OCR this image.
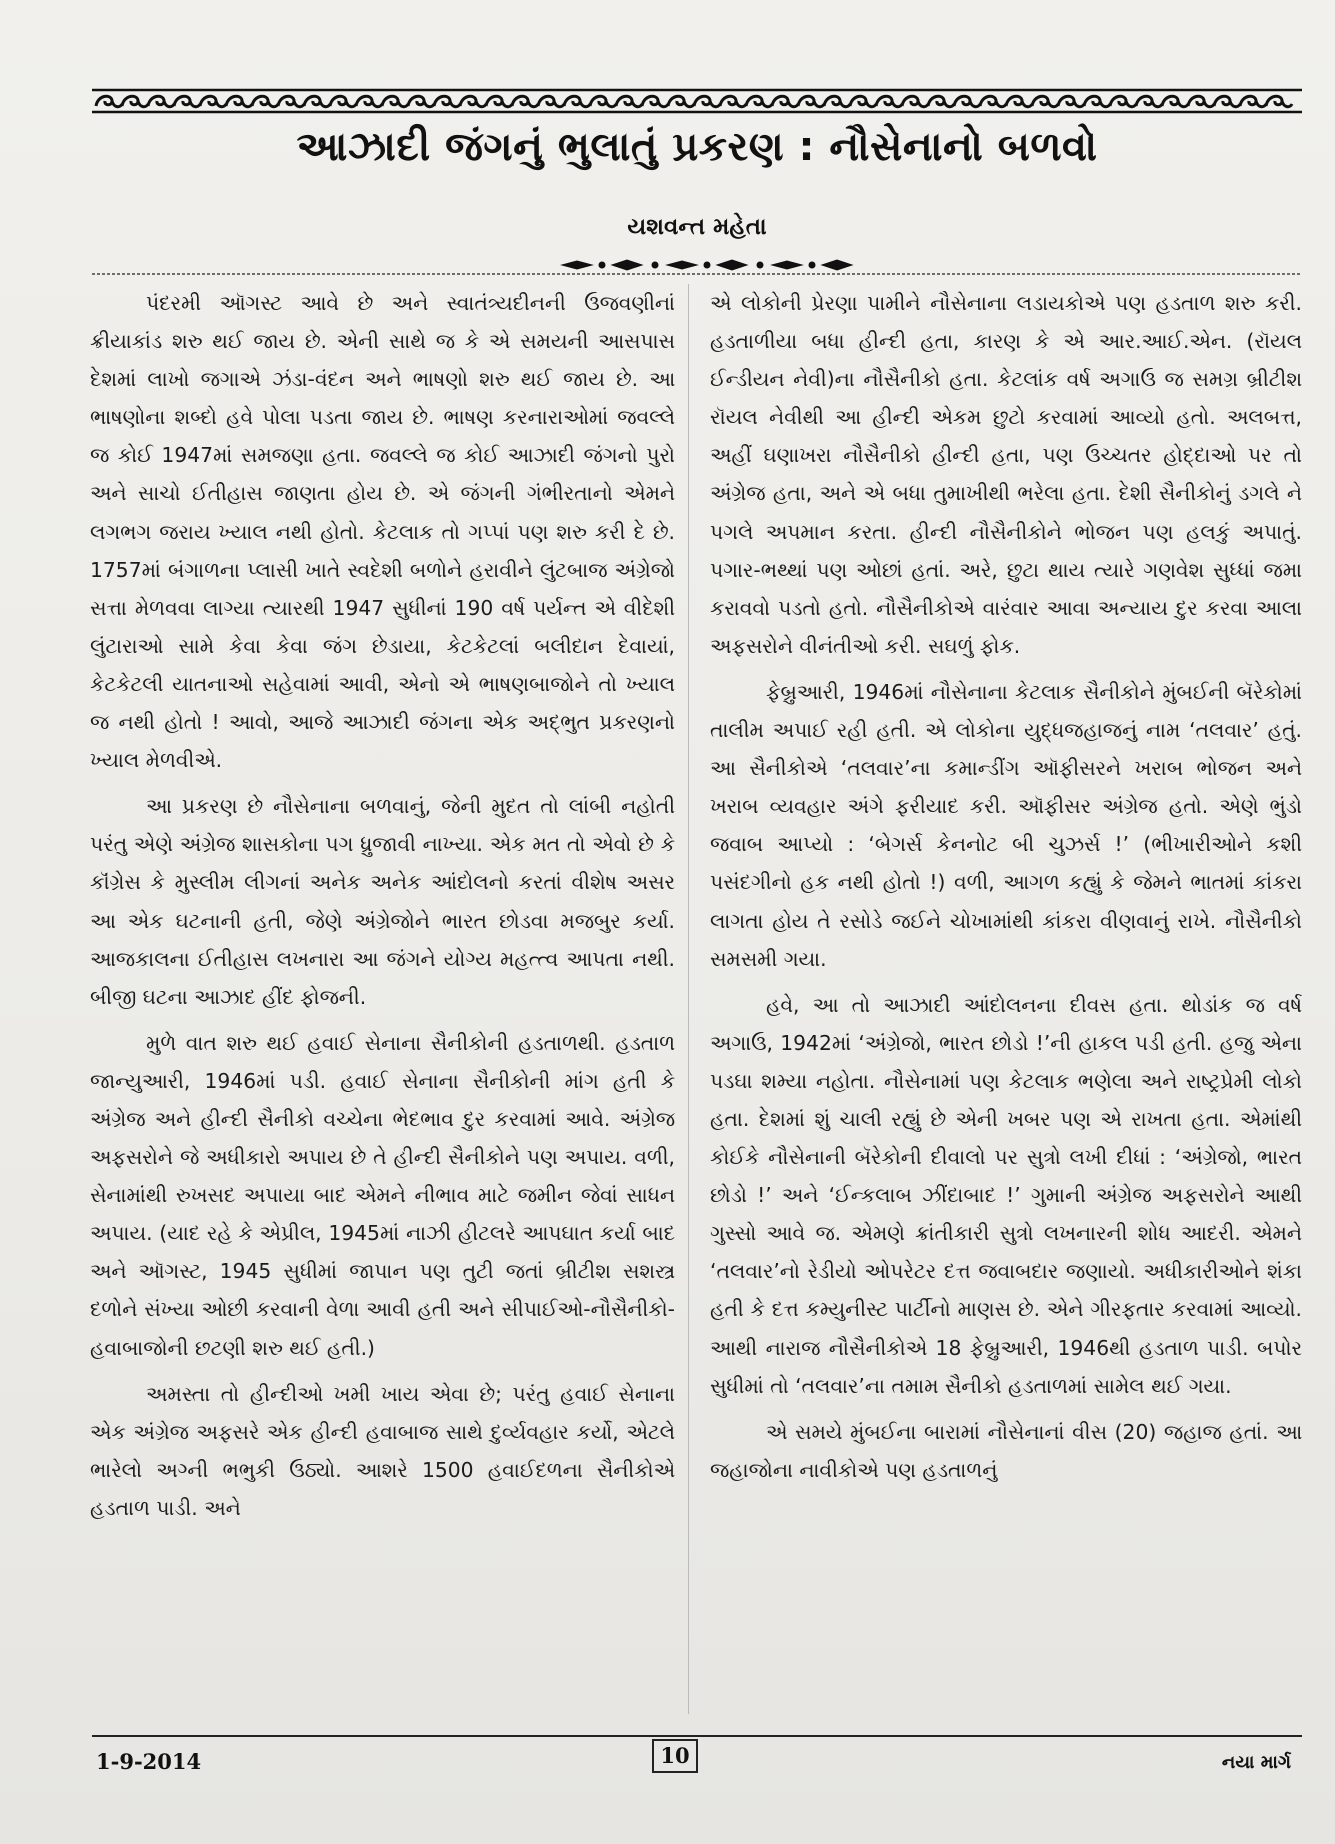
આઝાદી જંગનું ભુલાતું પ્રકરણ : નૌસેનાનો બળવો
યશવન્ત મહેતા

પંદરમી ઑગસ્ટ આવે છે અને સ્વાતંત્ર્યદીનની ઉજવણીનાં ક્રીયાકાંડ શરુ થઈ જાય છે. એની સાથે જ કે એ સમયની આસપાસ દેશમાં લાખો જગાએ ઝંડા-વંદન અને ભાષણો શરુ થઈ જાય છે. આ ભાષણોના શબ્દો હવે પોલા પડતા જાય છે. ભાષણ કરનારાઓમાં જવલ્લે જ કોઈ 1947માં સમજણા હતા. જવલ્લે જ કોઈ આઝાદી જંગનો પુરો અને સાચો ઈતીહાસ જાણતા હોય છે. એ જંગની ગંભીરતાનો એમને લગભગ જરાય ખ્યાલ નથી હોતો. કેટલાક તો ગપ્પાં પણ શરુ કરી દે છે. 1757માં બંગાળના પ્લાસી ખાતે સ્વદેશી બળોને હરાવીને લુંટબાજ અંગ્રેજો સત્તા મેળવવા લાગ્યા ત્યારથી 1947 સુધીનાં 190 વર્ષ પર્યન્ત એ વીદેશી લુંટારાઓ સામે કેવા કેવા જંગ છેડાયા, કેટકેટલાં બલીદાન દેવાયાં, કેટકેટલી યાતનાઓ સહેવામાં આવી, એનો એ ભાષણબાજોને તો ખ્યાલ જ નથી હોતો ! આવો, આજે આઝાદી જંગના એક અદ્ભુત પ્રકરણનો ખ્યાલ મેળવીએ.

આ પ્રકરણ છે નૌસેનાના બળવાનું, જેની મુદત તો લાંબી નહોતી પરંતુ એણે અંગ્રેજ શાસકોના પગ ધ્રુજાવી નાખ્યા. એક મત તો એવો છે કે કૉંગ્રેસ કે મુસ્લીમ લીગનાં અનેક અનેક આંદોલનો કરતાં વીશેષ અસર આ એક ઘટનાની હતી, જેણે અંગ્રેજોને ભારત છોડવા મજબુર કર્યા. આજકાલના ઈતીહાસ લખનારા આ જંગને યોગ્ય મહત્ત્વ આપતા નથી. બીજી ઘટના આઝાદ હીંદ ફોજની.

મુળે વાત શરુ થઈ હવાઈ સેનાના સૈનીકોની હડતાળથી. હડતાળ જાન્યુઆરી, 1946માં પડી. હવાઈ સેનાના સૈનીકોની માંગ હતી કે અંગ્રેજ અને હીન્દી સૈનીકો વચ્ચેના ભેદભાવ દુર કરવામાં આવે. અંગ્રેજ અફસરોને જે અધીકારો અપાય છે તે હીન્દી સૈનીકોને પણ અપાય. વળી, સેનામાંથી રુખસદ અપાયા બાદ એમને નીભાવ માટે જમીન જેવાં સાધન અપાય. (યાદ રહે કે એપ્રીલ, 1945માં નાઝી હીટલરે આપઘાત કર્યા બાદ અને ઑગસ્ટ, 1945 સુધીમાં જાપાન પણ તુટી જતાં બ્રીટીશ સશસ્ત્ર દળોને સંખ્યા ઓછી કરવાની વેળા આવી હતી અને સીપાઈઓ-નૌસૈનીકો-હવાબાજોની છટણી શરુ થઈ હતી.)

અમસ્તા તો હીન્દીઓ ખમી ખાય એવા છે; પરંતુ હવાઈ સેનાના એક અંગ્રેજ અફસરે એક હીન્દી હવાબાજ સાથે દુર્વ્યવહાર કર્યો, એટલે ભારેલો અગ્ની ભભુકી ઉઠ્યો. આશરે 1500 હવાઈદળના સૈનીકોએ હડતાળ પાડી. અને

એ લોકોની પ્રેરણા પામીને નૌસેનાના લડાયકોએ પણ હડતાળ શરુ કરી. હડતાળીયા બધા હીન્દી હતા, કારણ કે એ આર.આઈ.એન. (રૉયલ ઈન્ડીયન નેવી)ના નૌસૈનીકો હતા. કેટલાંક વર્ષ અગાઉ જ સમગ્ર બ્રીટીશ રૉયલ નેવીથી આ હીન્દી એકમ છુટો કરવામાં આવ્યો હતો. અલબત્ત, અહીં ઘણાખરા નૌસૈનીકો હીન્દી હતા, પણ ઉચ્ચતર હોદ્દાઓ પર તો અંગ્રેજ હતા, અને એ બધા તુમાખીથી ભરેલા હતા. દેશી સૈનીકોનું ડગલે ને પગલે અપમાન કરતા. હીન્દી નૌસૈનીકોને ભોજન પણ હલકું અપાતું. પગાર-ભથ્થાં પણ ઓછાં હતાં. અરે, છુટા થાય ત્યારે ગણવેશ સુધ્ધાં જમા કરાવવો પડતો હતો. નૌસૈનીકોએ વારંવાર આવા અન્યાય દુર કરવા આલા અફસરોને વીનંતીઓ કરી. સઘળું ફોક.

ફેબ્રુઆરી, 1946માં નૌસેનાના કેટલાક સૈનીકોને મુંબઈની બૅરેકોમાં તાલીમ અપાઈ રહી હતી. એ લોકોના યુદ્ધજહાજનું નામ ‘તલવાર’ હતું. આ સૈનીકોએ ‘તલવાર’ના કમાન્ડીંગ ઑફીસરને ખરાબ ભોજન અને ખરાબ વ્યવહાર અંગે ફરીયાદ કરી. ઑફીસર અંગ્રેજ હતો. એણે ભુંડો જવાબ આપ્યો : ‘બેગર્સ કેનનોટ બી ચુઝર્સ !’ (ભીખારીઓને કશી પસંદગીનો હક નથી હોતો !) વળી, આગળ કહ્યું કે જેમને ભાતમાં કાંકરા લાગતા હોય તે રસોડે જઈને ચોખામાંથી કાંકરા વીણવાનું રાખે. નૌસૈનીકો સમસમી ગયા.

હવે, આ તો આઝાદી આંદોલનના દીવસ હતા. થોડાંક જ વર્ષ અગાઉ, 1942માં ‘અંગ્રેજો, ભારત છોડો !’ની હાકલ પડી હતી. હજુ એના પડઘા શમ્યા નહોતા. નૌસેનામાં પણ કેટલાક ભણેલા અને રાષ્ટ્રપ્રેમી લોકો હતા. દેશમાં શું ચાલી રહ્યું છે એની ખબર પણ એ રાખતા હતા. એમાંથી કોઈકે નૌસેનાની બૅરેકોની દીવાલો પર સુત્રો લખી દીધાં : ‘અંગ્રેજો, ભારત છોડો !’ અને ‘ઈન્કલાબ ઝીંદાબાદ !’ ગુમાની અંગ્રેજ અફસરોને આથી ગુસ્સો આવે જ. એમણે ક્રાંતીકારી સુત્રો લખનારની શોધ આદરી. એમને ‘તલવાર’નો રેડીયો ઓપરેટર દત્ત જવાબદાર જણાયો. અધીકારીઓને શંકા હતી કે દત્ત કમ્યુનીસ્ટ પાર્ટીનો માણસ છે. એને ગીરફતાર કરવામાં આવ્યો. આથી નારાજ નૌસૈનીકોએ 18 ફેબ્રુઆરી, 1946થી હડતાળ પાડી. બપોર સુધીમાં તો ‘તલવાર’ના તમામ સૈનીકો હડતાળમાં સામેલ થઈ ગયા.

એ સમયે મુંબઈના બારામાં નૌસેનાનાં વીસ (20) જહાજ હતાં. આ જહાજોના નાવીકોએ પણ હડતાળનું

1-9-2014	10	નયા માર્ગ
